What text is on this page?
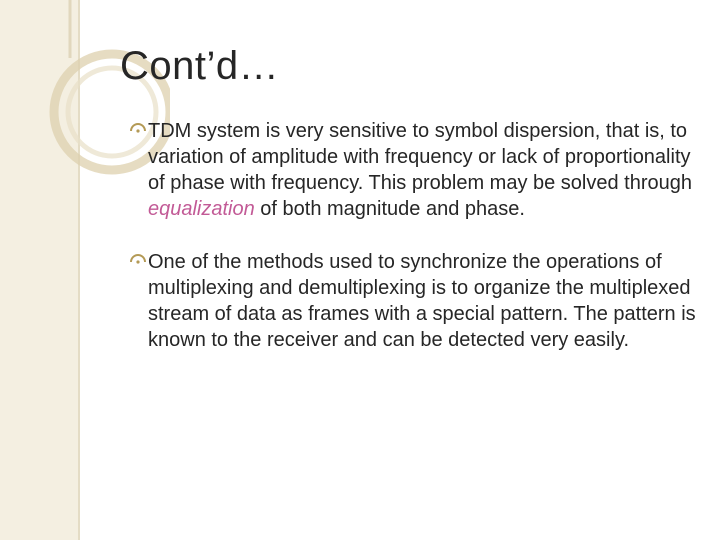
Cont’d…
TDM system is very sensitive to symbol dispersion, that is, to variation of amplitude with frequency or lack of proportionality of phase with frequency. This problem may be solved through equalization of both magnitude and phase.
One of the methods used to synchronize the operations of multiplexing and demultiplexing is to organize the multiplexed stream of data as frames with a special pattern. The pattern is known to the receiver and can be detected very easily.
